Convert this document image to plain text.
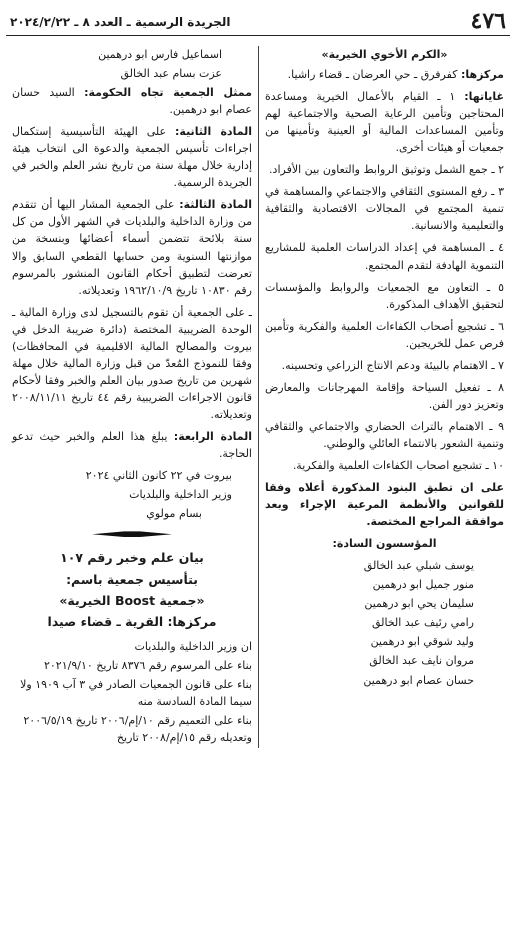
٤٧٦
الجريدة الرسمية ـ العدد ٨ ـ ٢٠٢٤/٢/٢٢

«الكرم الأخوي الخيرية»

مركزها: كفرفرق ـ حي العرضان ـ قضاء راشيا.

غاياتها: ١ ـ القيام بالأعمال الخيرية ومساعدة المحتاجين وتأمين الرعاية الصحية والاجتماعية لهم وتأمين المساعدات المالية أو العينية وتأمينها من جمعيات أو هيئات أخرى.

٢ ـ جمع الشمل وتوثيق الروابط والتعاون بين الأفراد.

٣ ـ رفع المستوى الثقافي والاجتماعي والمساهمة في تنمية المجتمع في المجالات الاقتصادية والثقافية والتعليمية والانسانية.

٤ ـ المساهمة في إعداد الدراسات العلمية للمشاريع التنموية الهادفة لتقدم المجتمع.

٥ ـ التعاون مع الجمعيات والروابط والمؤسسات لتحقيق الأهداف المذكورة.

٦ ـ تشجيع أصحاب الكفاءات العلمية والفكرية وتأمين فرص عمل للخريجين.

٧ ـ الاهتمام بالبيئة ودعم الانتاج الزراعي وتحسينه.

٨ ـ تفعيل السياحة وإقامة المهرجانات والمعارض وتعزيز دور الفن.

٩ ـ الاهتمام بالتراث الحضاري والاجتماعي والثقافي وتنمية الشعور بالانتماء العائلي والوطني.

١٠ ـ تشجيع اصحاب الكفاءات العلمية والفكرية.

على ان تطبق البنود المذكورة أعلاه وفقا للقوانين والأنظمة المرعية الإجراء وبعد موافقة المراجع المختصة.

المؤسسون السادة:

يوسف شبلي عبد الخالق

منور جميل ابو درهمين

سليمان يحي ابو درهمين

رامي رئيف عبد الخالق

وليد شوقي ابو درهمين

مروان نايف عبد الخالق

حسان عصام ابو درهمين

اسماعيل فارس ابو درهمين

عزت بسام عبد الخالق

ممثل الجمعية تجاه الحكومة: السيد حسان عصام ابو درهمين.

المادة الثانية: على الهيئة التأسيسية إستكمال اجراءات تأسيس الجمعية والدعوة الى انتخاب هيئة إدارية خلال مهلة سنة من تاريخ نشر العلم والخبر في الجريدة الرسمية.

المادة الثالثة: على الجمعية المشار اليها أن تتقدم من وزارة الداخلية والبلديات في الشهر الأول من كل سنة بلائحة تتضمن أسماء أعضائها وبنسخة من موازنتها السنوية ومن حسابها القطعي السابق والا تعرضت لتطبيق أحكام القانون المنشور بالمرسوم رقم ١٠٨٣٠ تاريخ ١٩٦٢/١٠/٩ وتعديلاته.

ـ على الجمعية أن تقوم بالتسجيل لدى وزارة المالية ـ الوحدة الضريبية المختصة (دائرة ضريبة الدخل في بيروت والمصالح المالية الاقليمية في المحافظات) وفقا للنموذج المُعدّ من قبل وزارة المالية خلال مهلة شهرين من تاريخ صدور بيان العلم والخبر وفقا لأحكام قانون الاجراءات الضريبية رقم ٤٤ تاريخ ٢٠٠٨/١١/١١ وتعديلاته.

المادة الرابعة: يبلغ هذا العلم والخبر حيث تدعو الحاجة.

بيروت في ٢٢ كانون الثاني ٢٠٢٤

وزير الداخلية والبلديات

بسام مولوي

بيان علم وخبر رقم ١٠٧

بتأسيس جمعية باسم:

«جمعية Boost الخيرية»

مركزها: القرية ـ قضاء صيدا

ان وزير الداخلية والبلديات

بناء على المرسوم رقم ٨٣٧٦ تاريخ ٢٠٢١/٩/١٠

بناء على قانون الجمعيات الصادر في ٣ آب ١٩٠٩ ولا سيما المادة السادسة منه

بناء على التعميم رقم ١٠/إم/٢٠٠٦ تاريخ ٢٠٠٦/٥/١٩ وتعديله رقم ١٥/إم/٢٠٠٨ تاريخ
